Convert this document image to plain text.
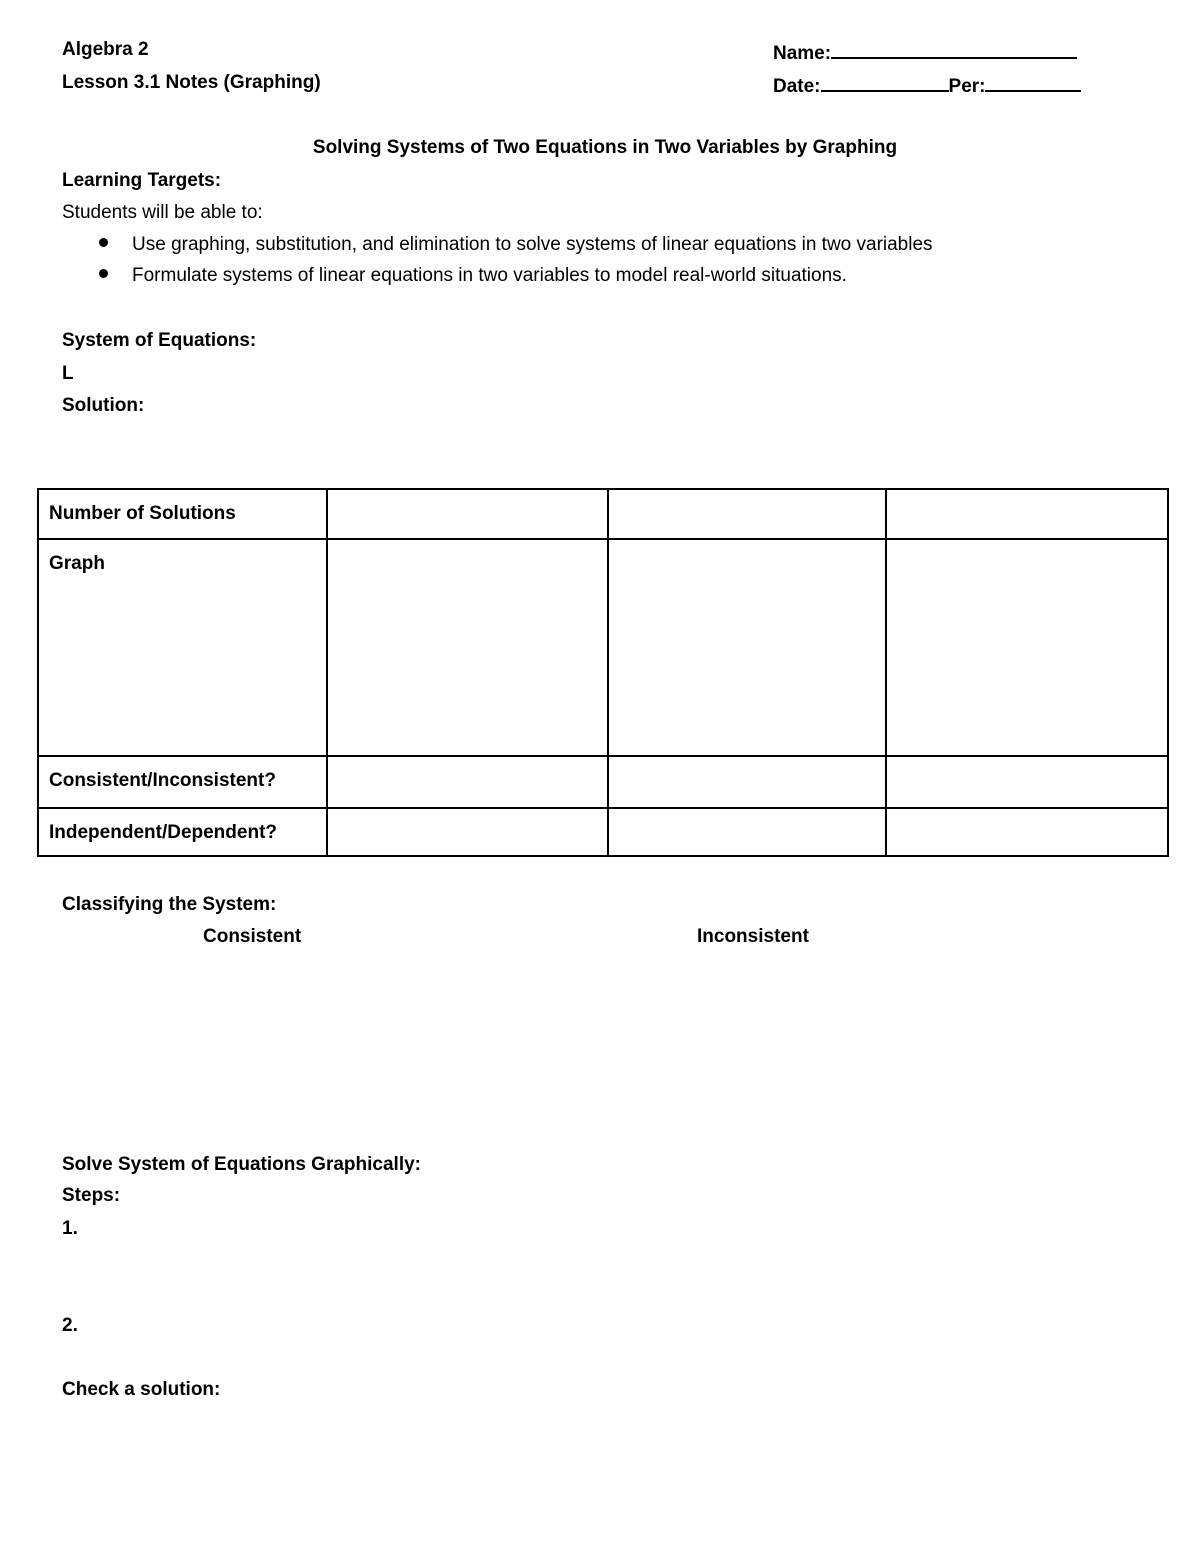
Algebra 2
Lesson 3.1 Notes (Graphing)
Name:
Date:	Per:
Solving Systems of Two Equations in Two Variables by Graphing
Learning Targets:
Students will be able to:
Use graphing, substitution, and elimination to solve systems of linear equations in two variables
Formulate systems of linear equations in two variables to model real-world situations.
System of Equations:
L
Solution:
Number of Solutions			
Graph			
Consistent/Inconsistent?			
Independent/Dependent?			
Classifying the System:
Consistent	Inconsistent
Solve System of Equations Graphically:
Steps:
1.
2.
Check a solution:
